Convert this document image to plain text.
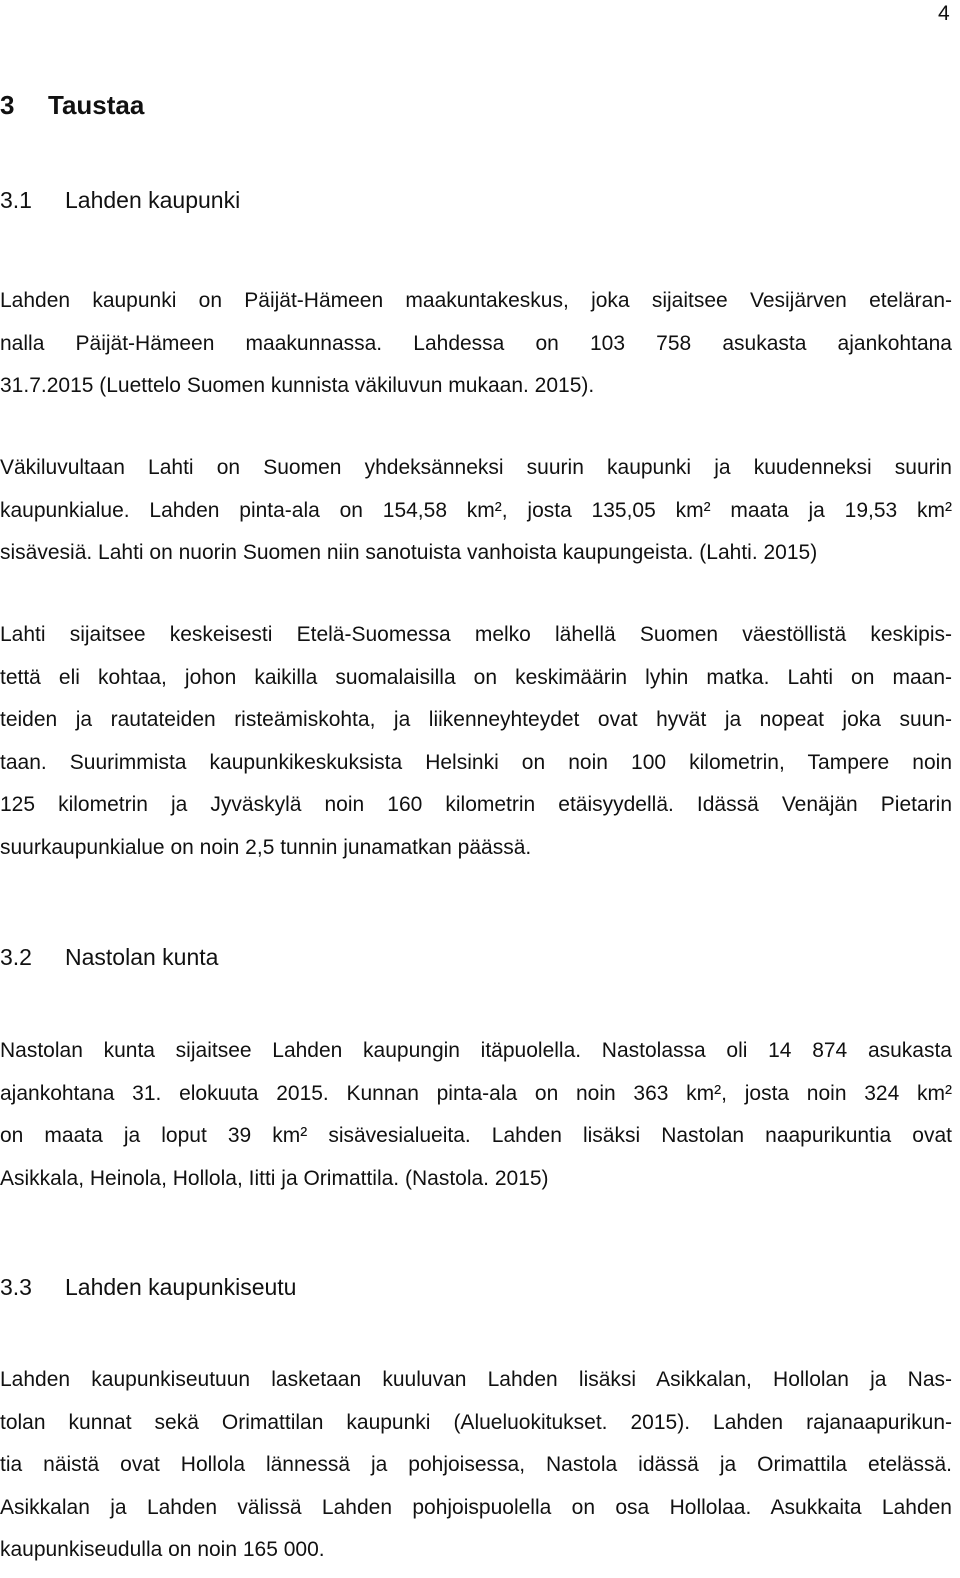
4
3 Taustaa
3.1 Lahden kaupunki
Lahden kaupunki on Päijät-Hämeen maakuntakeskus, joka sijaitsee Vesijärven eteläran-
nalla Päijät-Hämeen maakunnassa. Lahdessa on 103 758 asukasta ajankohtana
31.7.2015 (Luettelo Suomen kunnista väkiluvun mukaan. 2015).
Väkiluvultaan Lahti on Suomen yhdeksänneksi suurin kaupunki ja kuudenneksi suurin
kaupunkialue. Lahden pinta-ala on 154,58 km², josta 135,05 km² maata ja 19,53 km²
sisävesiä. Lahti on nuorin Suomen niin sanotuista vanhoista kaupungeista. (Lahti. 2015)
Lahti sijaitsee keskeisesti Etelä-Suomessa melko lähellä Suomen väestöllistä keskipis-
tettä eli kohtaa, johon kaikilla suomalaisilla on keskimäärin lyhin matka. Lahti on maan-
teiden ja rautateiden risteämiskohta, ja liikenneyhteydet ovat hyvät ja nopeat joka suun-
taan. Suurimmista kaupunkikeskuksista Helsinki on noin 100 kilometrin, Tampere noin
125 kilometrin ja Jyväskylä noin 160 kilometrin etäisyydellä. Idässä Venäjän Pietarin
suurkaupunkialue on noin 2,5 tunnin junamatkan päässä.
3.2 Nastolan kunta
Nastolan kunta sijaitsee Lahden kaupungin itäpuolella. Nastolassa oli 14 874 asukasta
ajankohtana 31. elokuuta 2015. Kunnan pinta-ala on noin 363 km², josta noin 324 km²
on maata ja loput 39 km² sisävesialueita. Lahden lisäksi Nastolan naapurikuntia ovat
Asikkala, Heinola, Hollola, Iitti ja Orimattila. (Nastola. 2015)
3.3 Lahden kaupunkiseutu
Lahden kaupunkiseutuun lasketaan kuuluvan Lahden lisäksi Asikkalan, Hollolan ja Nas-
tolan kunnat sekä Orimattilan kaupunki (Alueluokitukset. 2015). Lahden rajanaapurikun-
tia näistä ovat Hollola lännessä ja pohjoisessa, Nastola idässä ja Orimattila etelässä.
Asikkalan ja Lahden välissä Lahden pohjoispuolella on osa Hollolaa. Asukkaita Lahden
kaupunkiseudulla on noin 165 000.
